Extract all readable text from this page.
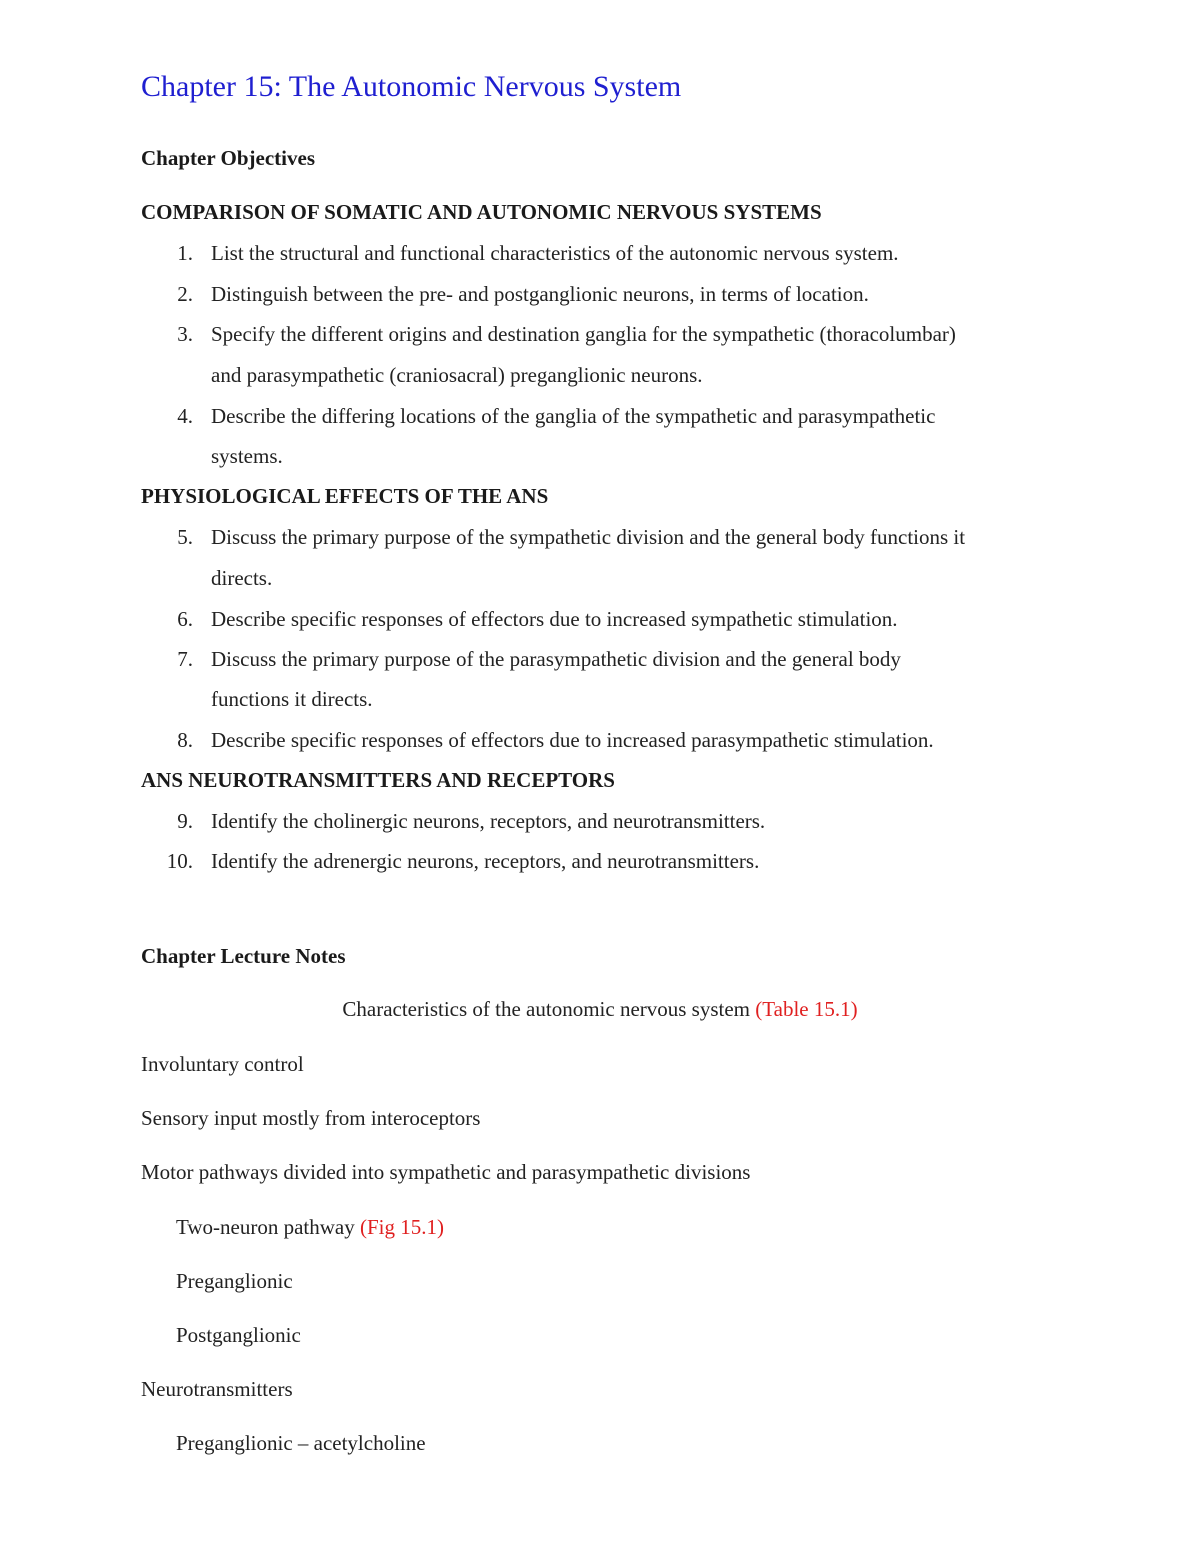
Chapter 15: The Autonomic Nervous System
Chapter Objectives
COMPARISON OF SOMATIC AND AUTONOMIC NERVOUS SYSTEMS
1. List the structural and functional characteristics of the autonomic nervous system.
2. Distinguish between the pre- and postganglionic neurons, in terms of location.
3. Specify the different origins and destination ganglia for the sympathetic (thoracolumbar)
and parasympathetic (craniosacral) preganglionic neurons.
4. Describe the differing locations of the ganglia of the sympathetic and parasympathetic
systems.
PHYSIOLOGICAL EFFECTS OF THE ANS
5. Discuss the primary purpose of the sympathetic division and the general body functions it
directs.
6. Describe specific responses of effectors due to increased sympathetic stimulation.
7. Discuss the primary purpose of the parasympathetic division and the general body
functions it directs.
8. Describe specific responses of effectors due to increased parasympathetic stimulation.
ANS NEUROTRANSMITTERS AND RECEPTORS
9. Identify the cholinergic neurons, receptors, and neurotransmitters.
10. Identify the adrenergic neurons, receptors, and neurotransmitters.
Chapter Lecture Notes
Characteristics of the autonomic nervous system (Table 15.1)
Involuntary control
Sensory input mostly from interoceptors
Motor pathways divided into sympathetic and parasympathetic divisions
Two-neuron pathway (Fig 15.1)
Preganglionic
Postganglionic
Neurotransmitters
Preganglionic – acetylcholine
